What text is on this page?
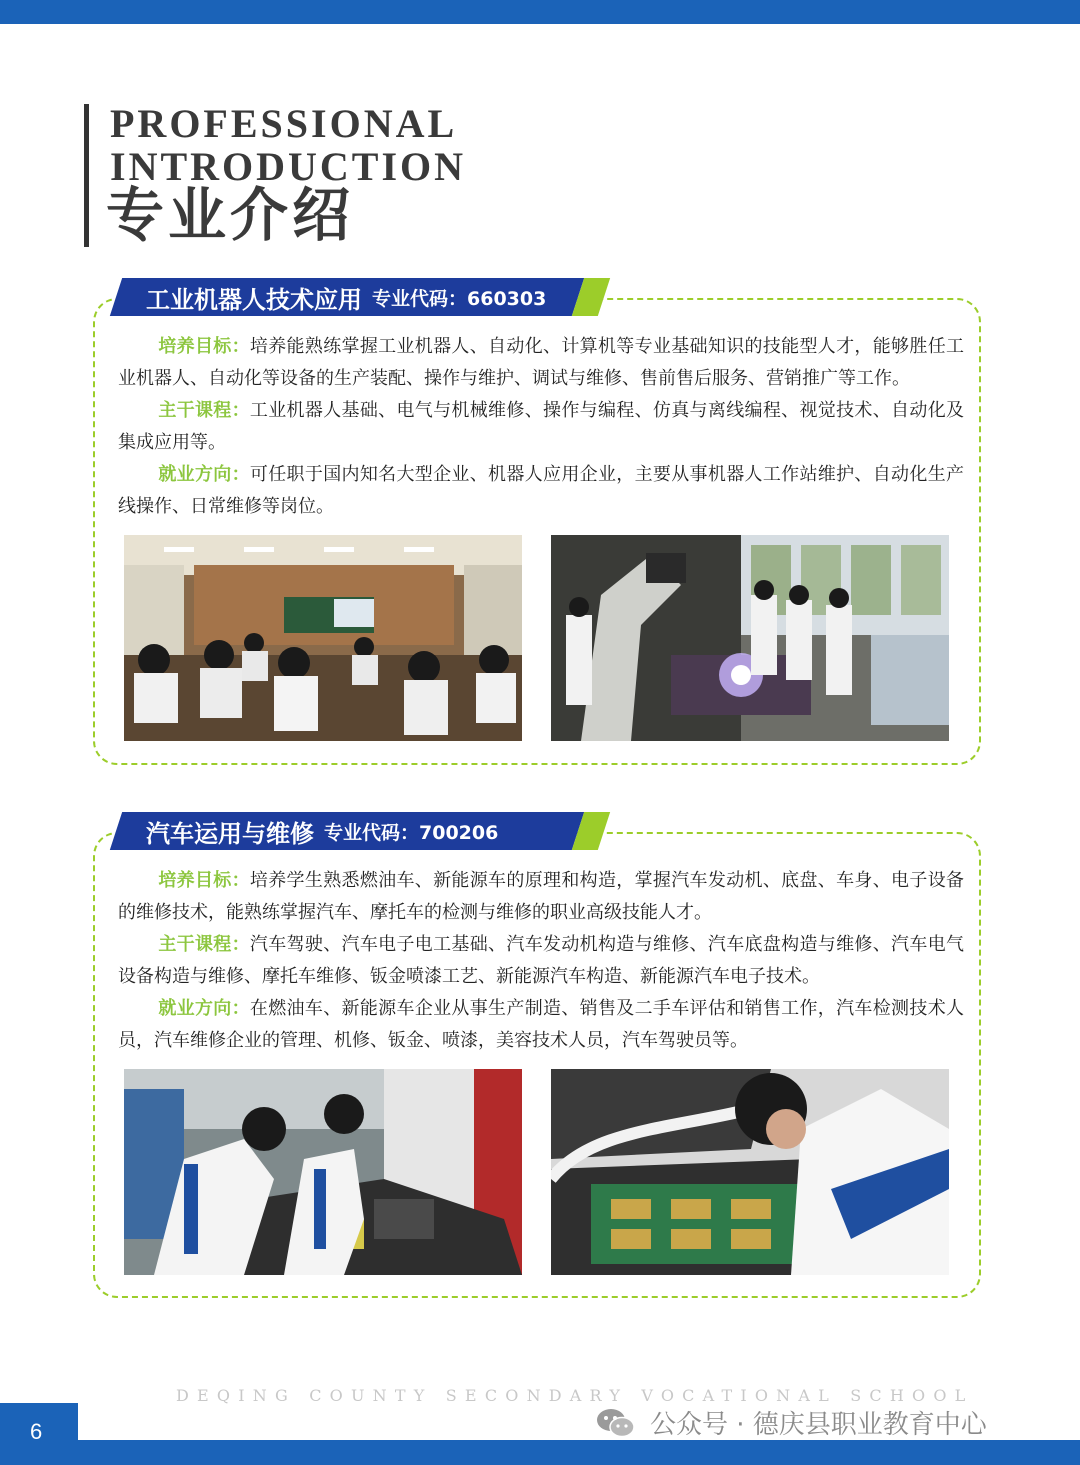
PROFESSIONAL
INTRODUCTION
专业介绍
工业机器人技术应用 专业代码：660303
培养目标：培养能熟练掌握工业机器人、自动化、计算机等专业基础知识的技能型人才，能够胜任工业机器人、自动化等设备的生产装配、操作与维护、调试与维修、售前售后服务、营销推广等工作。
主干课程：工业机器人基础、电气与机械维修、操作与编程、仿真与离线编程、视觉技术、自动化及集成应用等。
就业方向：可任职于国内知名大型企业、机器人应用企业，主要从事机器人工作站维护、自动化生产线操作、日常维修等岗位。
汽车运用与维修 专业代码：700206
培养目标：培养学生熟悉燃油车、新能源车的原理和构造，掌握汽车发动机、底盘、车身、电子设备的维修技术，能熟练掌握汽车、摩托车的检测与维修的职业高级技能人才。
主干课程：汽车驾驶、汽车电子电工基础、汽车发动机构造与维修、汽车底盘构造与维修、汽车电气设备构造与维修、摩托车维修、钣金喷漆工艺、新能源汽车构造、新能源汽车电子技术。
就业方向：在燃油车、新能源车企业从事生产制造、销售及二手车评估和销售工作，汽车检测技术人员，汽车维修企业的管理、机修、钣金、喷漆，美容技术人员，汽车驾驶员等。
DEQING COUNTY SECONDARY VOCATIONAL SCHOOL
公众号 · 德庆县职业教育中心
6
